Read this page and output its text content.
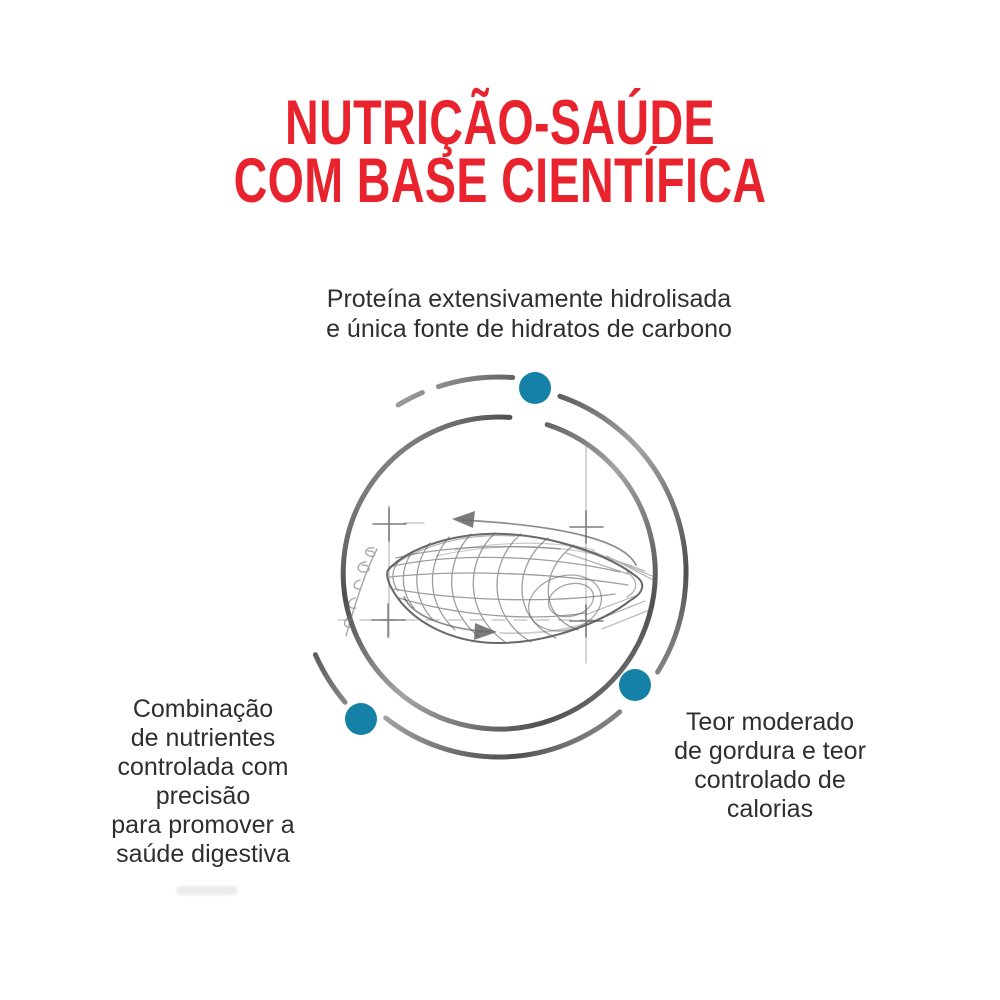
NUTRIÇÃO-SAÚDE
COM BASE CIENTÍFICA
Proteína extensivamente hidrolisada
e única fonte de hidratos de carbono
Combinação
de nutrientes
controlada com
precisão
para promover a
saúde digestiva
Teor moderado
de gordura e teor
controlado de
calorias
